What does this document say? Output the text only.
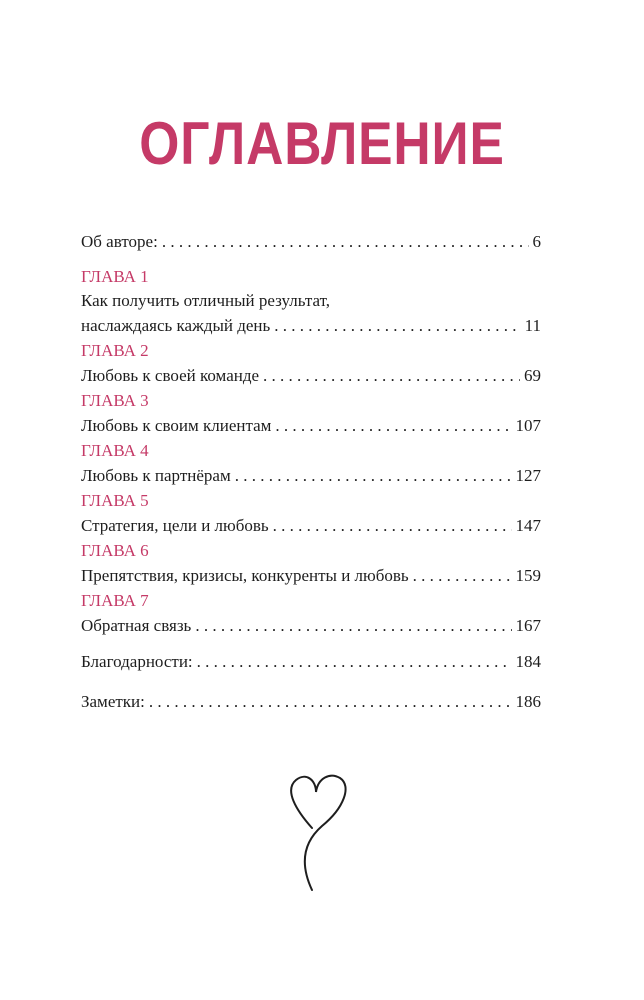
ОГЛАВЛЕНИЕ
Об авторе: . . .	6
ГЛАВА 1
Как получить отличный результат,
наслаждаясь каждый день . . .	11
ГЛАВА 2
Любовь к своей команде . . .	69
ГЛАВА 3
Любовь к своим клиентам . . .	107
ГЛАВА 4
Любовь к партнёрам . . .	127
ГЛАВА 5
Стратегия, цели и любовь . . .	147
ГЛАВА 6
Препятствия, кризисы, конкуренты и любовь . . .	159
ГЛАВА 7
Обратная связь . . .	167
Благодарности: . . .	184
Заметки: . . .	186
